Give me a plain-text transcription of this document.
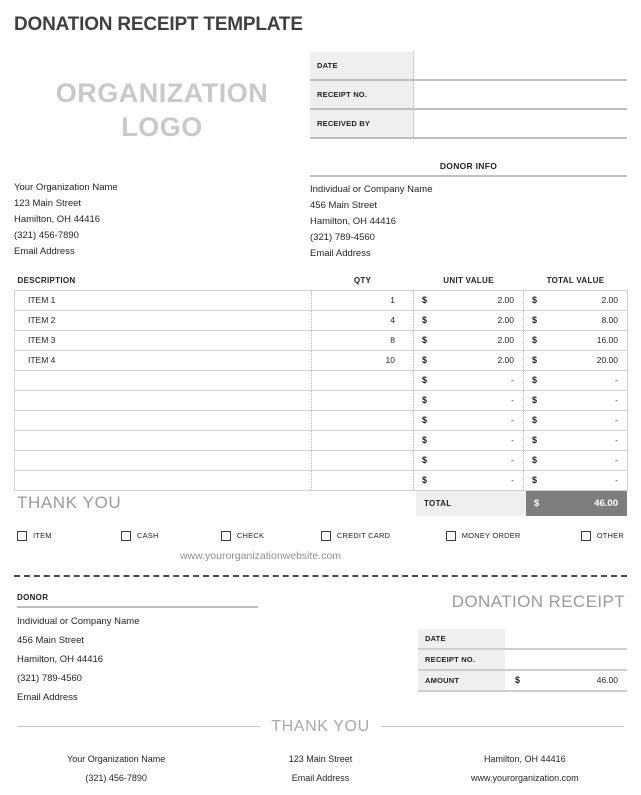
DONATION RECEIPT TEMPLATE
ORGANIZATION
LOGO
DATE
RECEIPT NO.
RECEIVED BY
Your Organization Name
123 Main Street
Hamilton, OH 44416
(321) 456-7890
Email Address
DONOR INFO
Individual or Company Name
456 Main Street
Hamilton, OH 44416
(321) 789-4560
Email Address
DESCRIPTION	QTY	UNIT VALUE	TOTAL VALUE
ITEM 1	1	$ 2.00	$ 2.00

ITEM 2	4	$ 2.00	$ 8.00

ITEM 3	8	$ 2.00	$ 16.00

ITEM 4	10	$ 2.00	$ 20.00

		$ -	$ -

		$ -	$ -

		$ -	$ -

		$ -	$ -

		$ -	$ -

		$ -	$ -
THANK YOU	TOTAL	$	46.00
ITEM	CASH	CHECK	CREDIT CARD	MONEY ORDER	OTHER
www.yourorganizationwebsite.com
DONOR
Individual or Company Name
456 Main Street
Hamilton, OH 44416
(321) 789-4560
Email Address
DONATION RECEIPT
DATE	

RECEIPT NO.	

AMOUNT	$ 46.00
THANK YOU
Your Organization Name
(321) 456-7890
123 Main Street
Email Address
Hamilton, OH 44416
www.yourorganization.com
